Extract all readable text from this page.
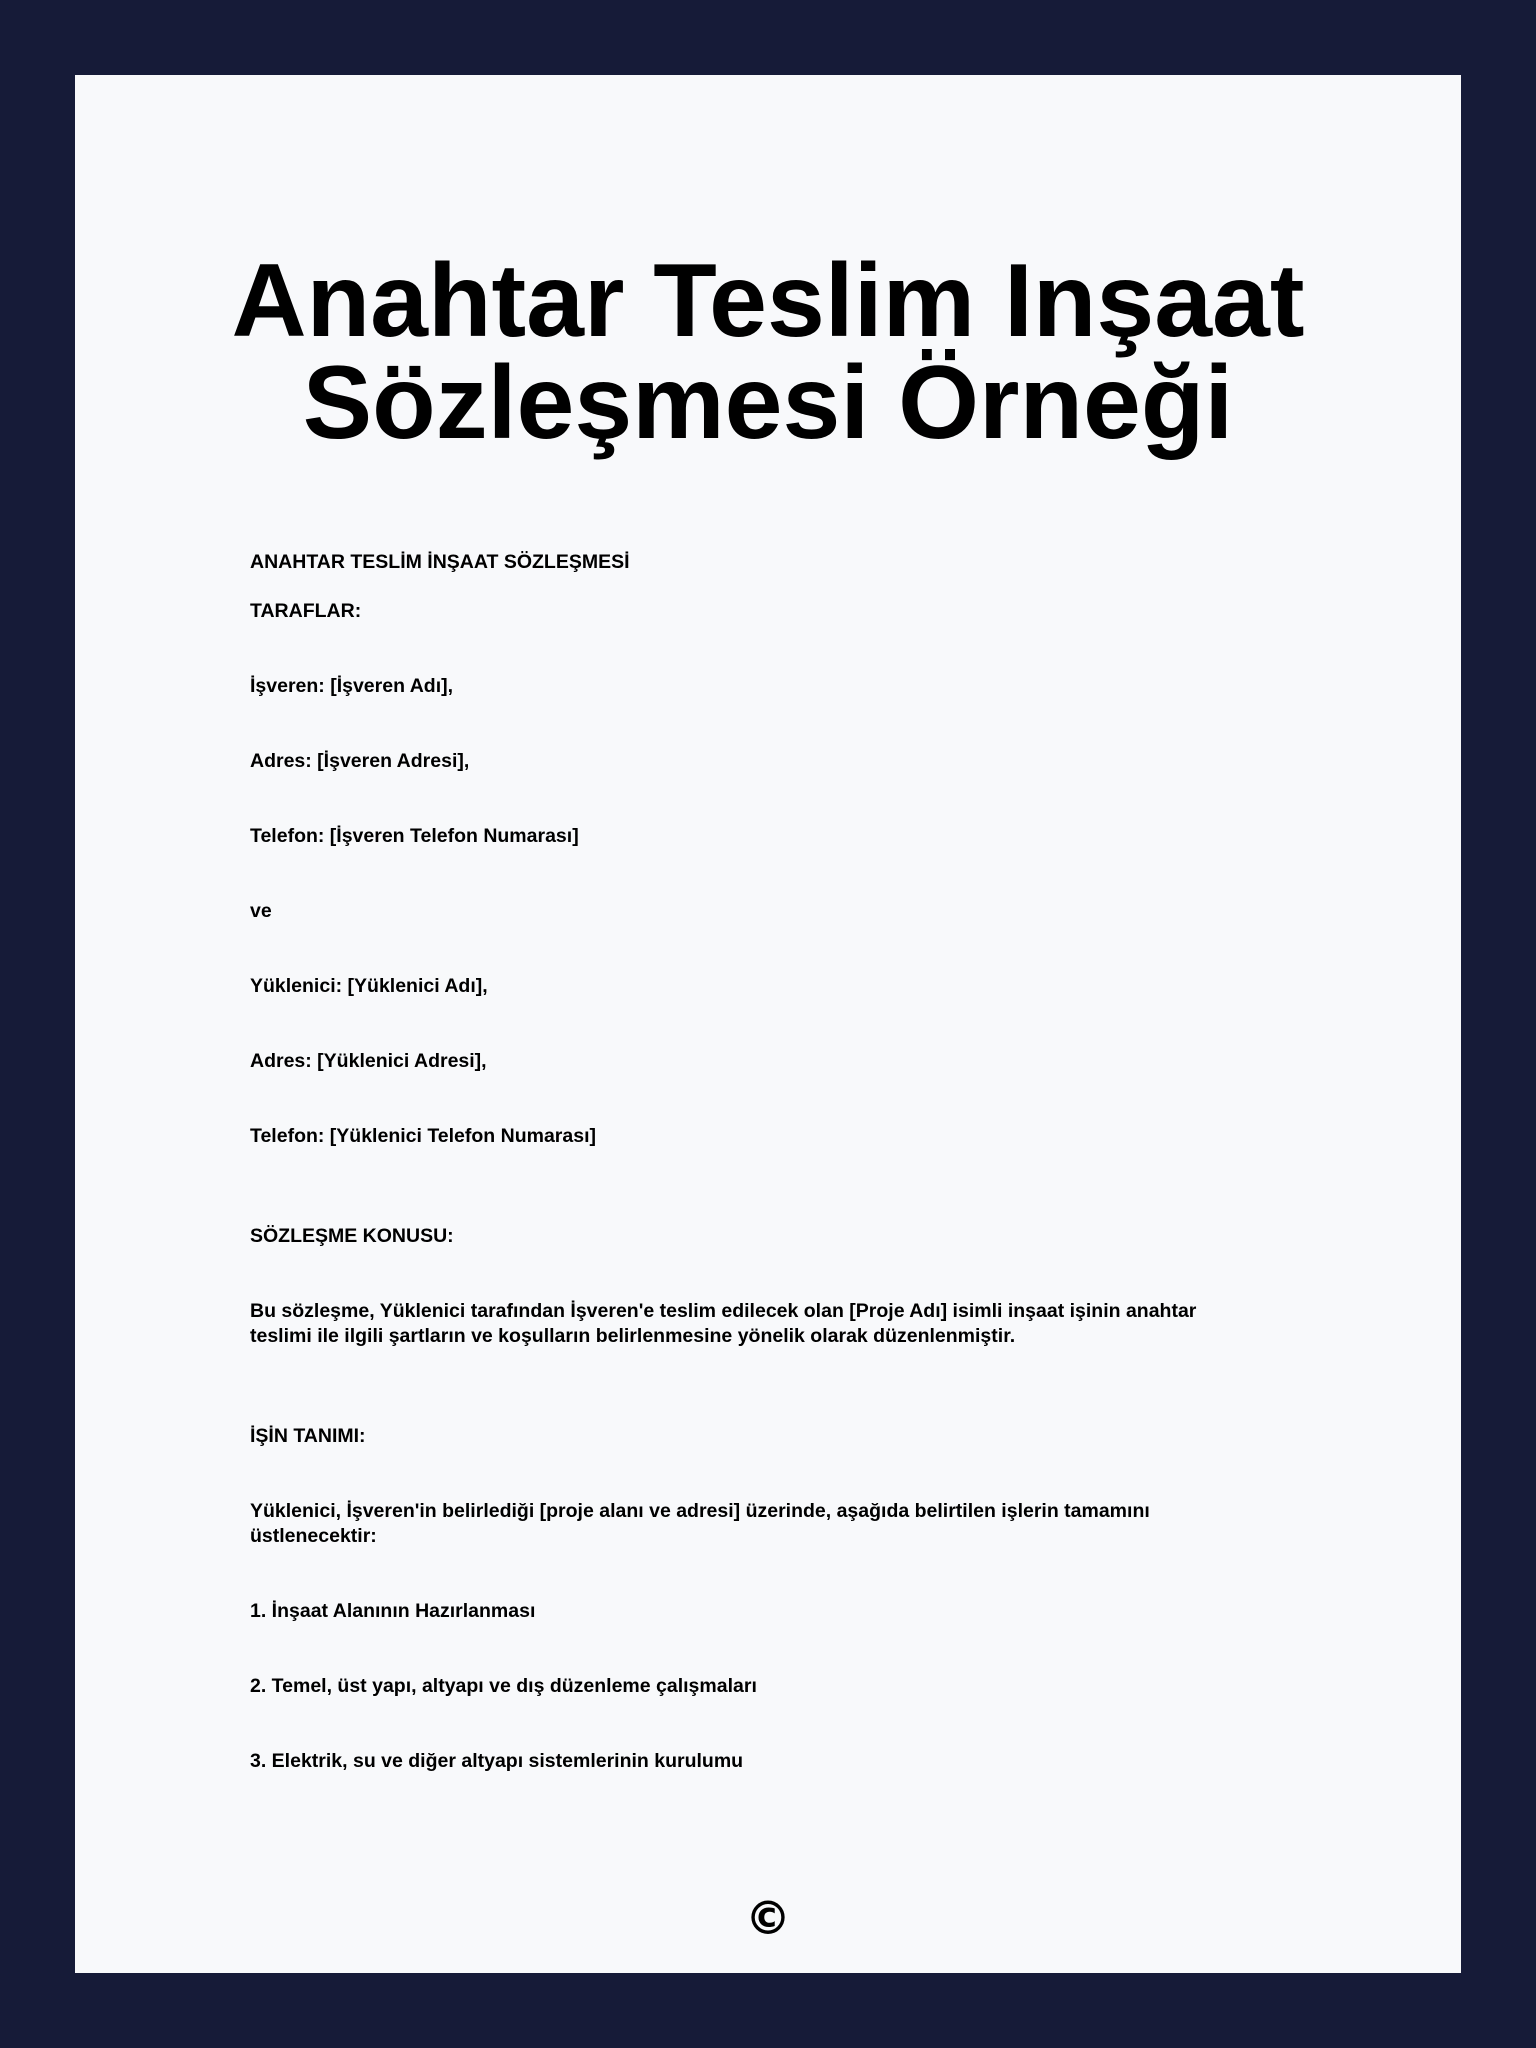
Anahtar Teslim Inşaat
Sözleşmesi Örneği

ANAHTAR TESLİM İNŞAAT SÖZLEŞMESİ

TARAFLAR:

İşveren: [İşveren Adı],

Adres: [İşveren Adresi],

Telefon: [İşveren Telefon Numarası]

ve

Yüklenici: [Yüklenici Adı],

Adres: [Yüklenici Adresi],

Telefon: [Yüklenici Telefon Numarası]

SÖZLEŞME KONUSU:

Bu sözleşme, Yüklenici tarafından İşveren'e teslim edilecek olan [Proje Adı] isimli inşaat işinin anahtar teslimi ile ilgili şartların ve koşulların belirlenmesine yönelik olarak düzenlenmiştir.

İŞİN TANIMI:

Yüklenici, İşveren'in belirlediği [proje alanı ve adresi] üzerinde, aşağıda belirtilen işlerin tamamını üstlenecektir:

1. İnşaat Alanının Hazırlanması

2. Temel, üst yapı, altyapı ve dış düzenleme çalışmaları

3. Elektrik, su ve diğer altyapı sistemlerinin kurulumu

©
